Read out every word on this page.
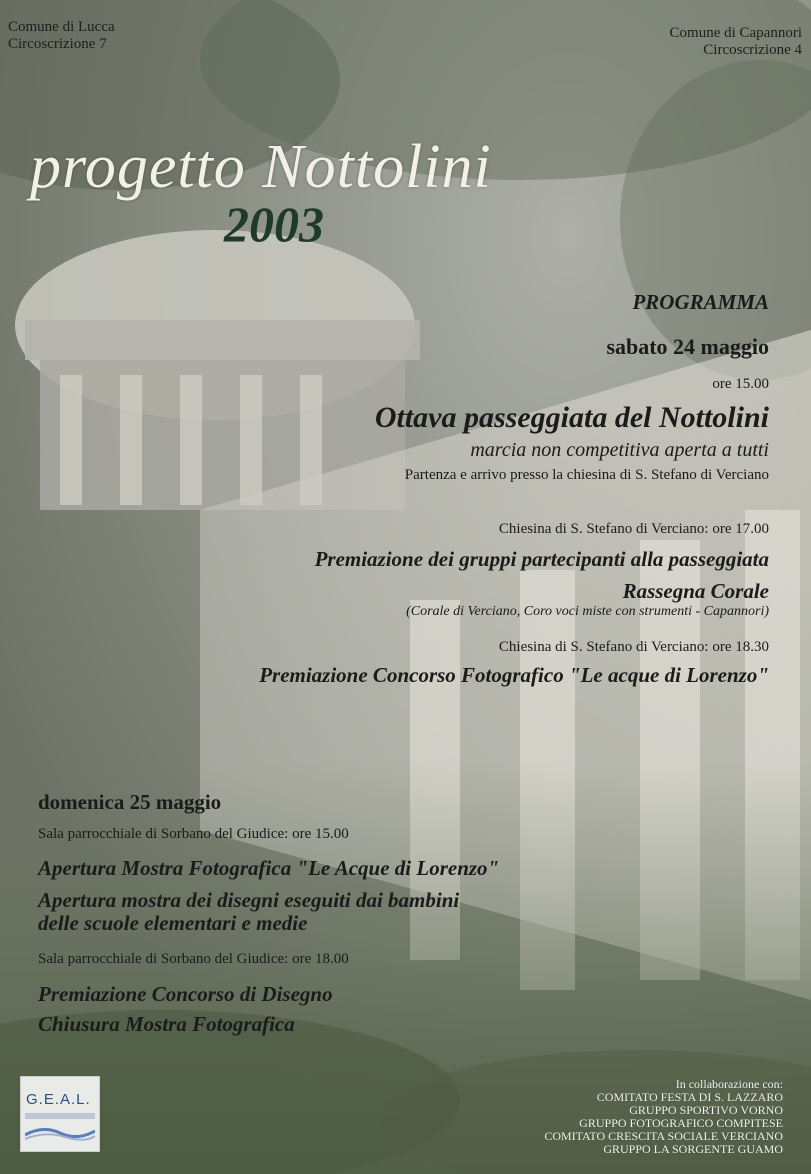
Comune di Lucca

Circoscrizione 7

Comune di Capannori

Circoscrizione 4

progetto Nottolini

2003

PROGRAMMA

sabato 24 maggio

ore 15.00

Ottava passeggiata del Nottolini

marcia non competitiva aperta a tutti

Partenza e arrivo presso la chiesina di S. Stefano di Verciano

Chiesina di S. Stefano di Verciano: ore 17.00

Premiazione dei gruppi partecipanti alla passeggiata

Rassegna Corale

(Corale di Verciano, Coro voci miste con strumenti - Capannori)

Chiesina di S. Stefano di Verciano: ore 18.30

Premiazione Concorso Fotografico "Le acque di Lorenzo"

domenica 25 maggio

Sala parrocchiale di Sorbano del Giudice: ore 15.00

Apertura Mostra Fotografica "Le Acque di Lorenzo"

Apertura mostra dei disegni eseguiti dai bambini

delle scuole elementari e medie

Sala parrocchiale di Sorbano del Giudice: ore 18.00

Premiazione Concorso di Disegno

Chiusura Mostra Fotografica

G.E.A.L.

In collaborazione con:

COMITATO FESTA DI S. LAZZARO

GRUPPO SPORTIVO VORNO

GRUPPO FOTOGRAFICO COMPITESE

COMITATO CRESCITA SOCIALE VERCIANO

GRUPPO LA SORGENTE GUAMO
